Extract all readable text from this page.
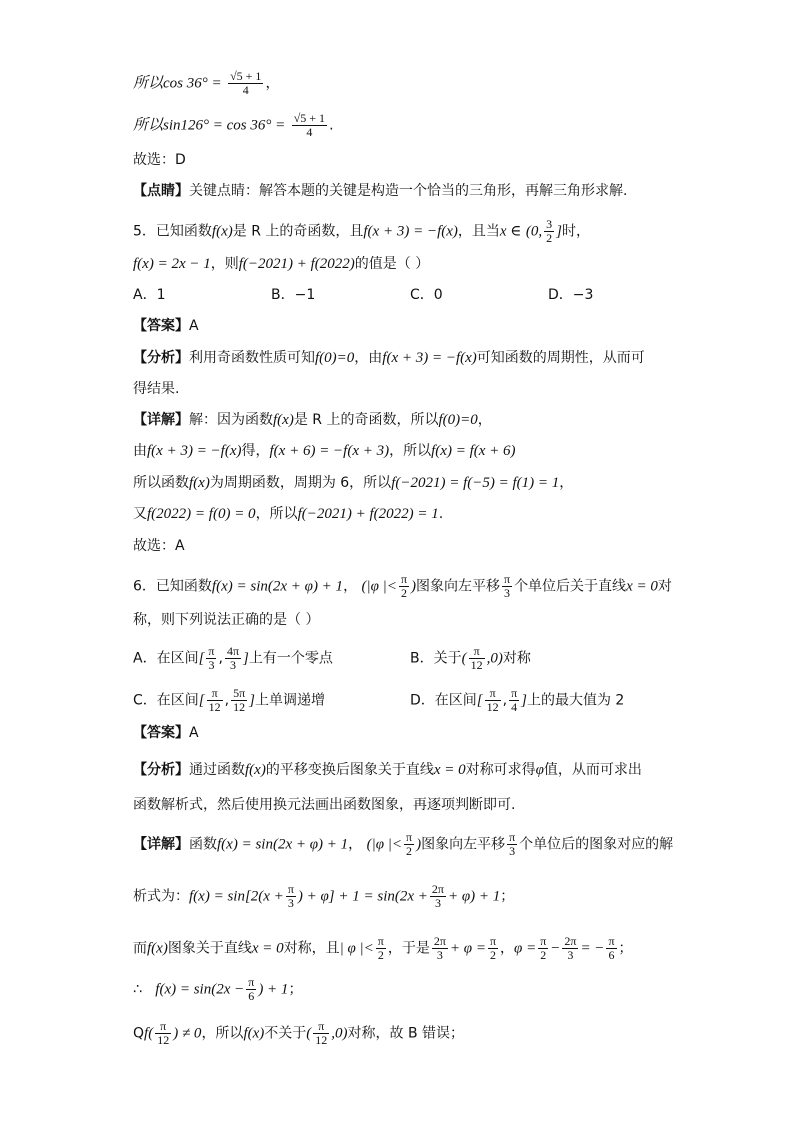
所以$\cos 36^\circ = \frac{√5 + 1}{4}$ ，
所以$\sin 126^\circ = \cos 36^\circ = \frac{√5 + 1}{4}$ .
故选：D
【点睛】关键点睛：解答本题的关键是构造一个恰当的三角形，再解三角形求解.
5．已知函数f(x)是 R 上的奇函数，且f(x + 3) = −f(x)，且当x ∈ (0, $\frac{3}{2}$ ]时，
f(x) = 2x − 1，则f(−2021) + f(2022)的值是（ ）
A．1	B．−1	C．0	D．−3
【答案】A
【分析】利用奇函数性质可知f(0)=0，由f(x + 3) = −f(x)可知函数的周期性，从而可
得结果.
【详解】解：因为函数f(x)是 R 上的奇函数，所以f(0)=0，
由f(x + 3) = −f(x)得，f(x + 6) = −f(x + 3)，所以f(x) = f(x + 6)
所以函数f(x)为周期函数，周期为 6，所以f(−2021) = f(−5) = f(1) = 1，
又f(2022) = f(0) = 0，所以f(−2021) + f(2022) = 1.
故选：A
6．已知函数f(x) = sin(2x + φ) + 1， (|φ |< $\frac{\pi}{2}$ )图象向左平移 $\frac{\pi}{3}$ 个单位后关于直线x = 0对
称，则下列说法正确的是（ ）
A．在区间[ $\frac{\pi}{3}$ , $\frac{4\pi}{3}$ ]上有一个零点	B．关于( $\frac{\pi}{12} ,0$)对称
C．在区间[ $\frac{\pi}{12}$ , $\frac{5\pi}{12}$ ]上单调递增	D．在区间[ $\frac{\pi}{12}$ , $\frac{\pi}{4}$ ]上的最大值为 2
【答案】A
【分析】通过函数f(x)的平移变换后图象关于直线x = 0对称可求得φ值，从而可求出
函数解析式，然后使用换元法画出函数图象，再逐项判断即可.
【详解】函数f(x) = sin(2x + φ) + 1， (|φ |< $\frac{\pi}{2}$ )图象向左平移 $\frac{\pi}{3}$ 个单位后的图象对应的解
析式为：$f(x) = \sin[2(x + \frac{\pi}{3}$ ) + $\varphi] + 1 = \sin(2x + \frac{2\pi}{3} + \varphi) + 1$；
而f(x)图象关于直线x = 0对称，且| φ |< $\frac{\pi}{2}$ ，于是 $\frac{2\pi}{3} + \varphi = \frac{\pi}{2}$ ，$\varphi = \frac{\pi}{2} - \frac{2\pi}{3}$ = − $\frac{\pi}{6}$ ；
∴ $f(x) = \sin(2x - \frac{\pi}{6}$ ) + 1；
$Qf( \frac{\pi}{12}$ ) ≠ 0，所以f(x)不关于( $\frac{\pi}{12} ,0$)对称，故 B 错误；
